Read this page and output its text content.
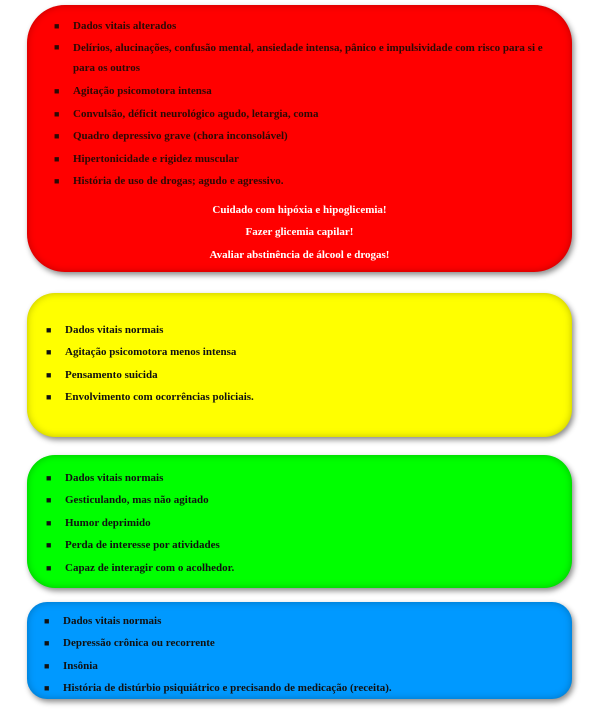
■ Dados vitais alterados
■ Delírios, alucinações, confusão mental, ansiedade intensa, pânico e impulsividade com risco para si e para os outros
■ Agitação psicomotora intensa
■ Convulsão, déficit neurológico agudo, letargia, coma
■ Quadro depressivo grave (chora inconsolável)
■ Hipertonicidade e rigidez muscular
■ História de uso de drogas; agudo e agressivo.
Cuidado com hipóxia e hipoglicemia!
Fazer glicemia capilar!
Avaliar abstinência de álcool e drogas!
■ Dados vitais normais
■ Agitação psicomotora menos intensa
■ Pensamento suicida
■ Envolvimento com ocorrências policiais.
■ Dados vitais normais
■ Gesticulando, mas não agitado
■ Humor deprimido
■ Perda de interesse por atividades
■ Capaz de interagir com o acolhedor.
■ Dados vitais normais
■ Depressão crônica ou recorrente
■ Insônia
■ História de distúrbio psiquiátrico e precisando de medicação (receita).
